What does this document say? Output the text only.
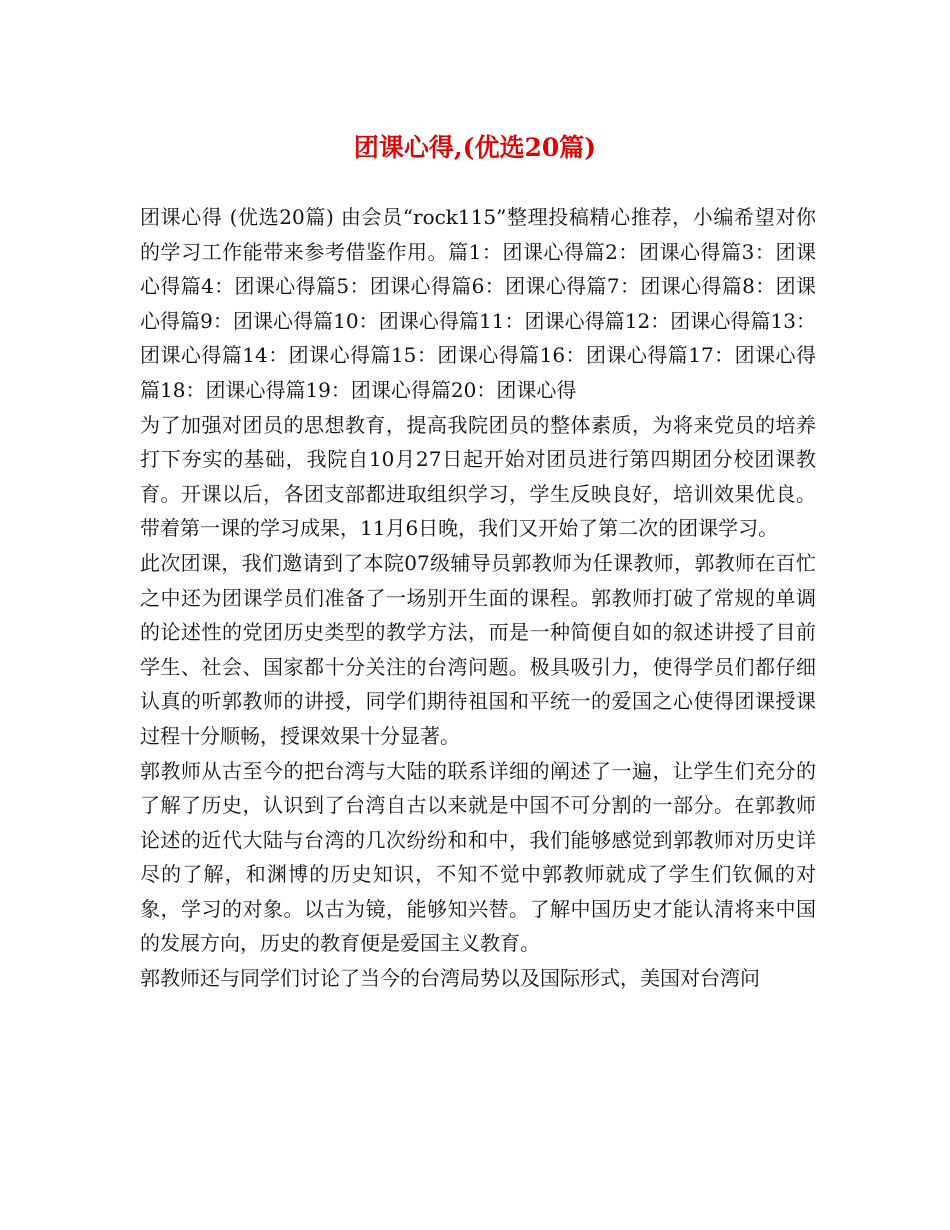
团课心得,(优选20篇)

团课心得 (优选20篇) 由会员“rock115”整理投稿精心推荐，小编希望对你的学习工作能带来参考借鉴作用。篇1：团课心得篇2：团课心得篇3：团课心得篇4：团课心得篇5：团课心得篇6：团课心得篇7：团课心得篇8：团课心得篇9：团课心得篇10：团课心得篇11：团课心得篇12：团课心得篇13：团课心得篇14：团课心得篇15：团课心得篇16：团课心得篇17：团课心得篇18：团课心得篇19：团课心得篇20：团课心得

为了加强对团员的思想教育，提高我院团员的整体素质，为将来党员的培养打下夯实的基础，我院自10月27日起开始对团员进行第四期团分校团课教育。开课以后，各团支部都进取组织学习，学生反映良好，培训效果优良。带着第一课的学习成果，11月6日晚，我们又开始了第二次的团课学习。

此次团课，我们邀请到了本院07级辅导员郭教师为任课教师，郭教师在百忙之中还为团课学员们准备了一场别开生面的课程。郭教师打破了常规的单调的论述性的党团历史类型的教学方法，而是一种简便自如的叙述讲授了目前学生、社会、国家都十分关注的台湾问题。极具吸引力，使得学员们都仔细认真的听郭教师的讲授，同学们期待祖国和平统一的爱国之心使得团课授课过程十分顺畅，授课效果十分显著。

郭教师从古至今的把台湾与大陆的联系详细的阐述了一遍，让学生们充分的了解了历史，认识到了台湾自古以来就是中国不可分割的一部分。在郭教师论述的近代大陆与台湾的几次纷纷和和中，我们能够感觉到郭教师对历史详尽的了解，和渊博的历史知识，不知不觉中郭教师就成了学生们钦佩的对象，学习的对象。以古为镜，能够知兴替。了解中国历史才能认清将来中国的发展方向，历史的教育便是爱国主义教育。

郭教师还与同学们讨论了当今的台湾局势以及国际形式，美国对台湾问
